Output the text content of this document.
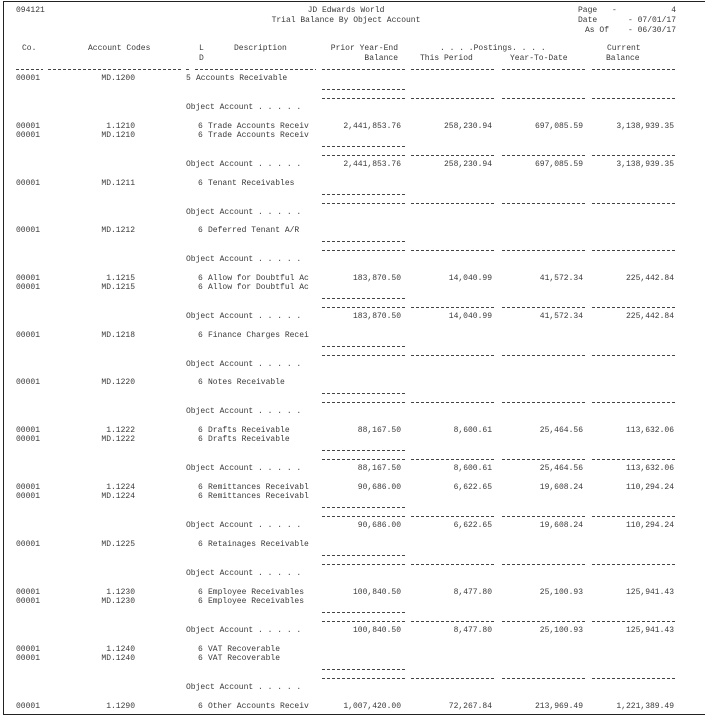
094121	JD Edwards World
Trial Balance By Object Account
Page -	4
Date	- 07/01/17
As Of	- 06/30/17
Co.	Account Codes	L
D
Description	Prior Year-End
Balance
. . . .Postings. . . .
This Period	Year-To-Date
Current
Balance
00001	MD.1200	5 Accounts Receivable
Object Account . . . . .
00001	1.1210	6 Trade Accounts Receiv	2,441,853.76	258,230.94	697,085.59	3,138,939.35
00001	MD.1210	6 Trade Accounts Receiv
Object Account . . . . .	2,441,853.76	258,230.94	697,085.59	3,138,939.35
00001	MD.1211	6 Tenant Receivables
Object Account . . . . .
00001	MD.1212	6 Deferred Tenant A/R
Object Account . . . . .
00001	1.1215	6 Allow for Doubtful Ac	183,870.50	14,040.99	41,572.34	225,442.84
00001	MD.1215	6 Allow for Doubtful Ac
Object Account . . . . .	183,870.50	14,040.99	41,572.34	225,442.84
00001	MD.1218	6 Finance Charges Recei
Object Account . . . . .
00001	MD.1220	6 Notes Receivable
Object Account . . . . .
00001	1.1222	6 Drafts Receivable	88,167.50	8,600.61	25,464.56	113,632.06
00001	MD.1222	6 Drafts Receivable
Object Account . . . . .	88,167.50	8,600.61	25,464.56	113,632.06
00001	1.1224	6 Remittances Receivabl	90,686.00	6,622.65	19,608.24	110,294.24
00001	MD.1224	6 Remittances Receivabl
Object Account . . . . .	90,686.00	6,622.65	19,608.24	110,294.24
00001	MD.1225	6 Retainages Receivable
Object Account . . . . .
00001	1.1230	6 Employee Receivables	100,840.50	8,477.80	25,100.93	125,941.43
00001	MD.1230	6 Employee Receivables
Object Account . . . . .	100,840.50	8,477.80	25,100.93	125,941.43
00001	1.1240	6 VAT Recoverable
00001	MD.1240	6 VAT Recoverable
Object Account . . . . .
00001	1.1290	6 Other Accounts Receiv	1,007,420.00	72,267.84	213,969.49	1,221,389.49
